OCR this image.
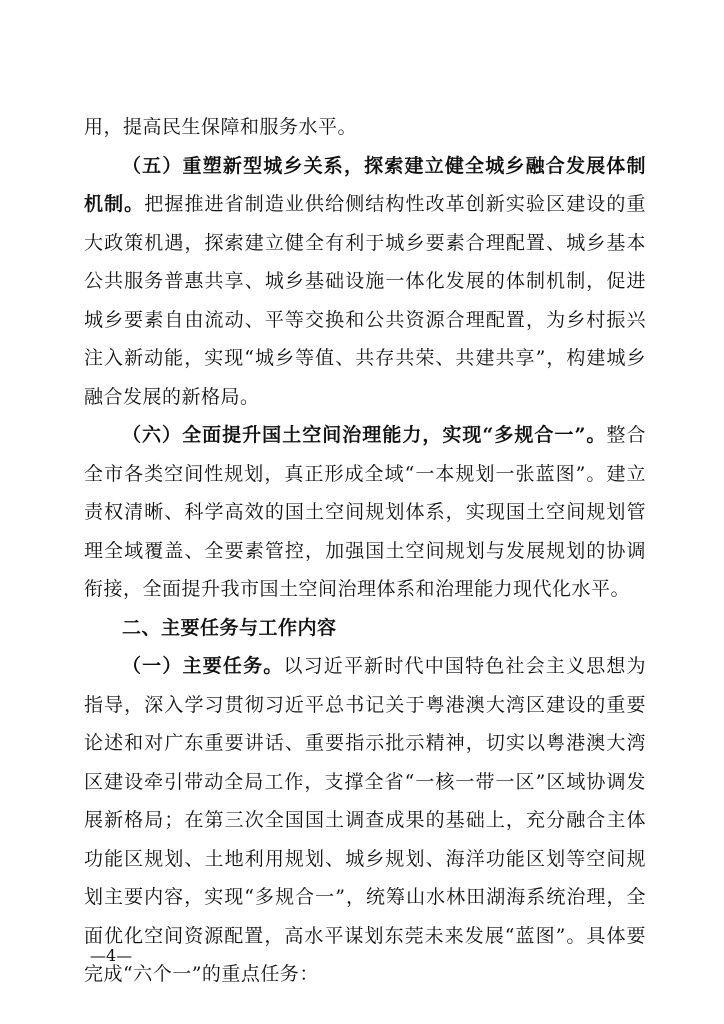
用，提高民生保障和服务水平。

（五）重塑新型城乡关系，探索建立健全城乡融合发展体制机制。把握推进省制造业供给侧结构性改革创新实验区建设的重大政策机遇，探索建立健全有利于城乡要素合理配置、城乡基本公共服务普惠共享、城乡基础设施一体化发展的体制机制，促进城乡要素自由流动、平等交换和公共资源合理配置，为乡村振兴注入新动能，实现“城乡等值、共存共荣、共建共享”，构建城乡融合发展的新格局。

（六）全面提升国土空间治理能力，实现“多规合一”。整合全市各类空间性规划，真正形成全域“一本规划一张蓝图”。建立责权清晰、科学高效的国土空间规划体系，实现国土空间规划管理全域覆盖、全要素管控，加强国土空间规划与发展规划的协调衔接，全面提升我市国土空间治理体系和治理能力现代化水平。

二、主要任务与工作内容

（一）主要任务。以习近平新时代中国特色社会主义思想为指导，深入学习贯彻习近平总书记关于粤港澳大湾区建设的重要论述和对广东重要讲话、重要指示批示精神，切实以粤港澳大湾区建设牵引带动全局工作，支撑全省“一核一带一区”区域协调发展新格局；在第三次全国国土调查成果的基础上，充分融合主体功能区规划、土地利用规划、城乡规划、海洋功能区划等空间规划主要内容，实现“多规合一”，统筹山水林田湖海系统治理，全面优化空间资源配置，高水平谋划东莞未来发展“蓝图”。具体要完成“六个一”的重点任务：

—4—
